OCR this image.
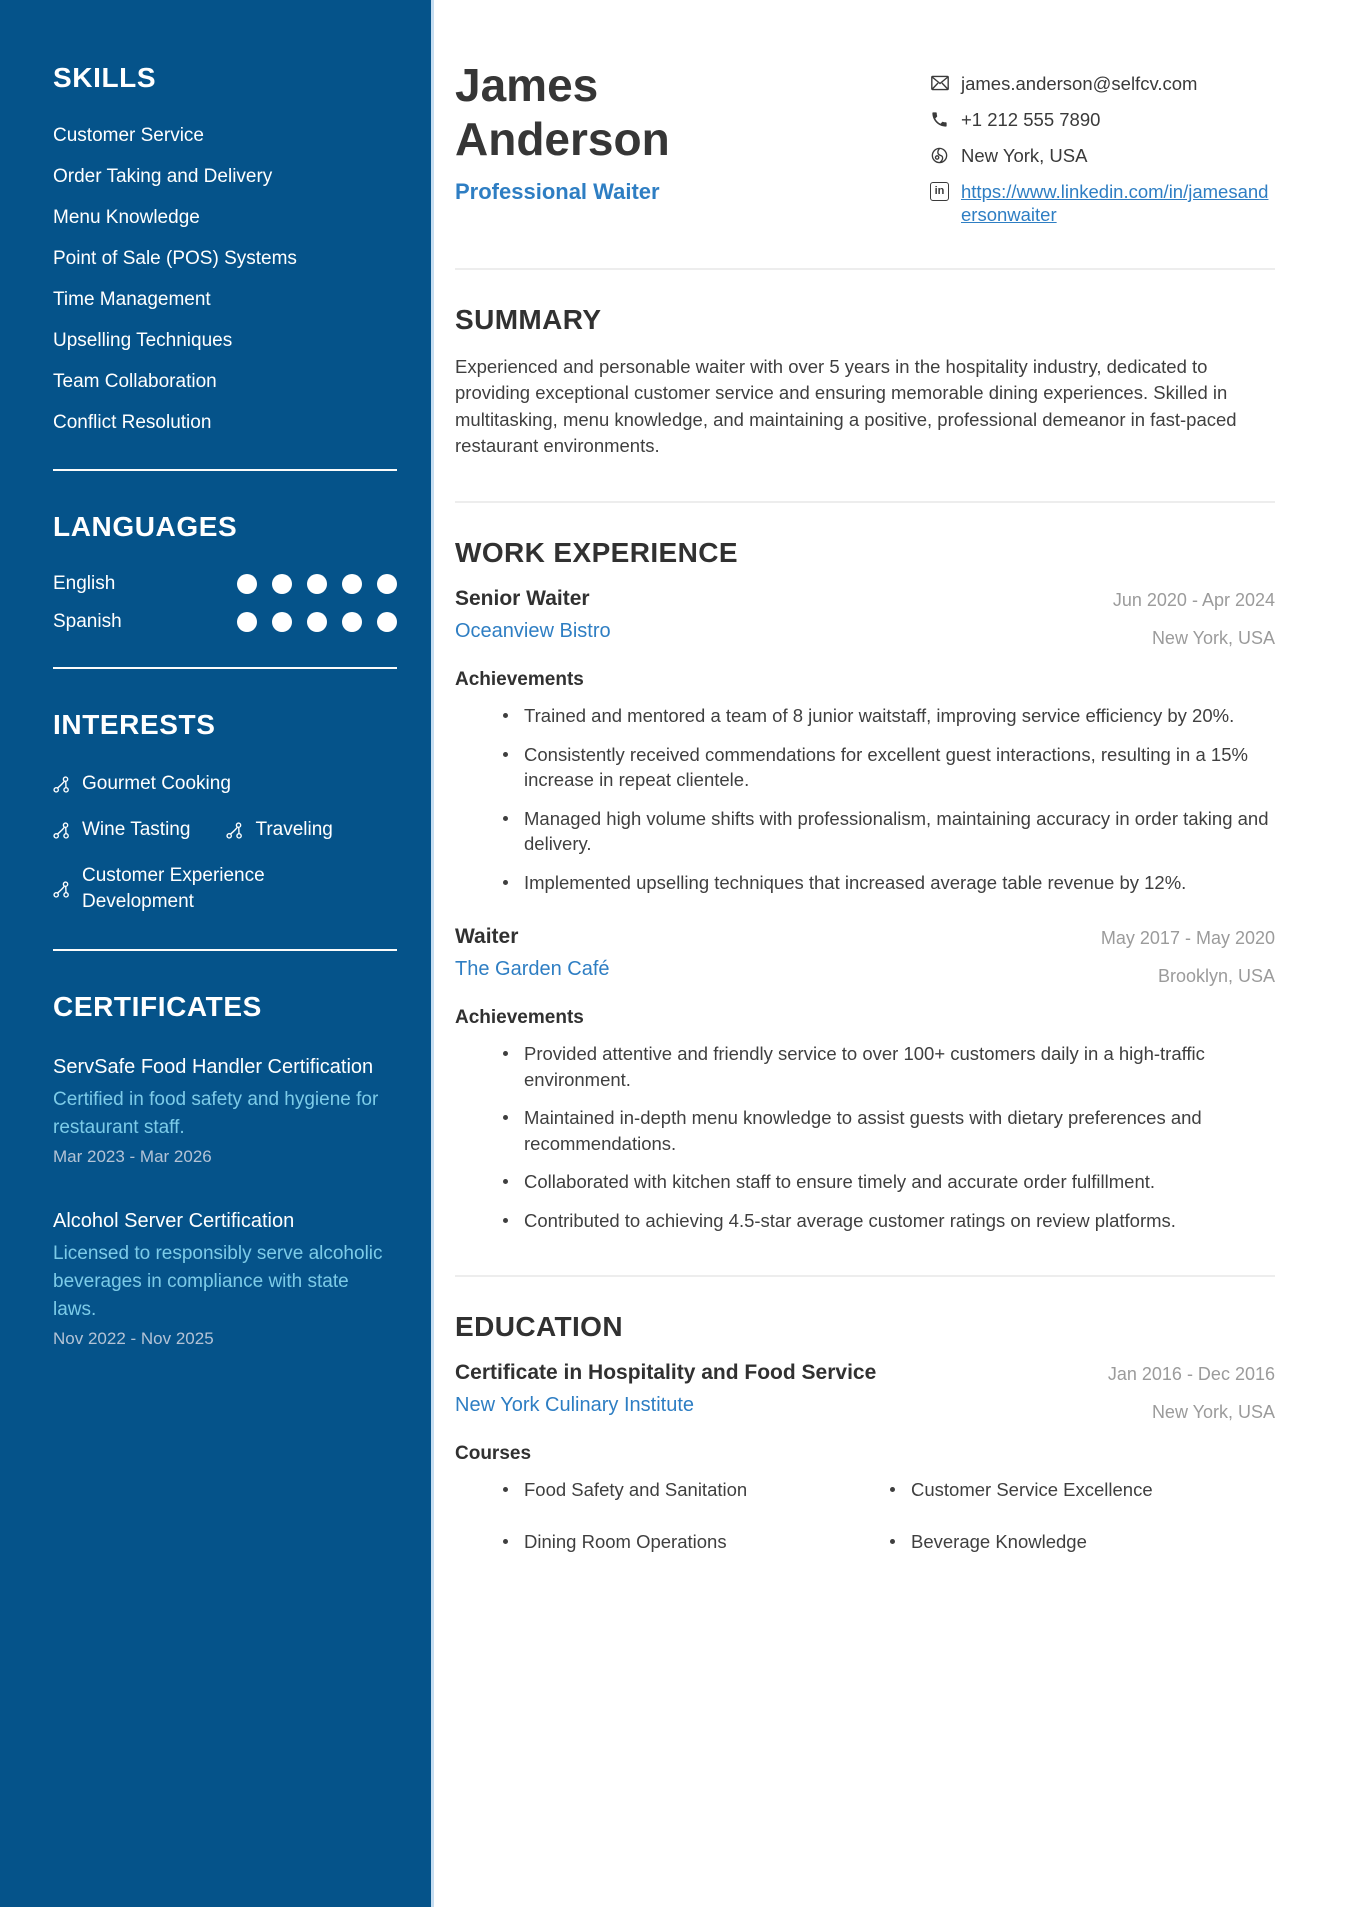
SKILLS
Customer Service
Order Taking and Delivery
Menu Knowledge
Point of Sale (POS) Systems
Time Management
Upselling Techniques
Team Collaboration
Conflict Resolution
LANGUAGES
English
Spanish
INTERESTS
Gourmet Cooking
Wine Tasting	Traveling
Customer Experience Development
CERTIFICATES

ServSafe Food Handler Certification

Certified in food safety and hygiene for restaurant staff.

Mar 2023 - Mar 2026

Alcohol Server Certification

Licensed to responsibly serve alcoholic beverages in compliance with state laws.

Nov 2022 - Nov 2025
James Anderson
Professional Waiter
james.anderson@selfcv.com
+1 212 555 7890
New York, USA
in https://www.linkedin.com/in/jamesandersonwaiter
SUMMARY

Experienced and personable waiter with over 5 years in the hospitality industry, dedicated to providing exceptional customer service and ensuring memorable dining experiences. Skilled in multitasking, menu knowledge, and maintaining a positive, professional demeanor in fast-paced restaurant environments.

WORK EXPERIENCE
Senior Waiter
Oceanview Bistro
Jun 2020 - Apr 2024
New York, USA
Achievements
Trained and mentored a team of 8 junior waitstaff, improving service efficiency by 20%.
Consistently received commendations for excellent guest interactions, resulting in a 15% increase in repeat clientele.
Managed high volume shifts with professionalism, maintaining accuracy in order taking and delivery.
Implemented upselling techniques that increased average table revenue by 12%.
Waiter
The Garden Café
May 2017 - May 2020
Brooklyn, USA
Achievements
Provided attentive and friendly service to over 100+ customers daily in a high-traffic environment.
Maintained in-depth menu knowledge to assist guests with dietary preferences and recommendations.
Collaborated with kitchen staff to ensure timely and accurate order fulfillment.
Contributed to achieving 4.5-star average customer ratings on review platforms.
EDUCATION
Certificate in Hospitality and Food Service
New York Culinary Institute
Jan 2016 - Dec 2016
New York, USA
Courses
Food Safety and Sanitation	Customer Service Excellence
Dining Room Operations	Beverage Knowledge
